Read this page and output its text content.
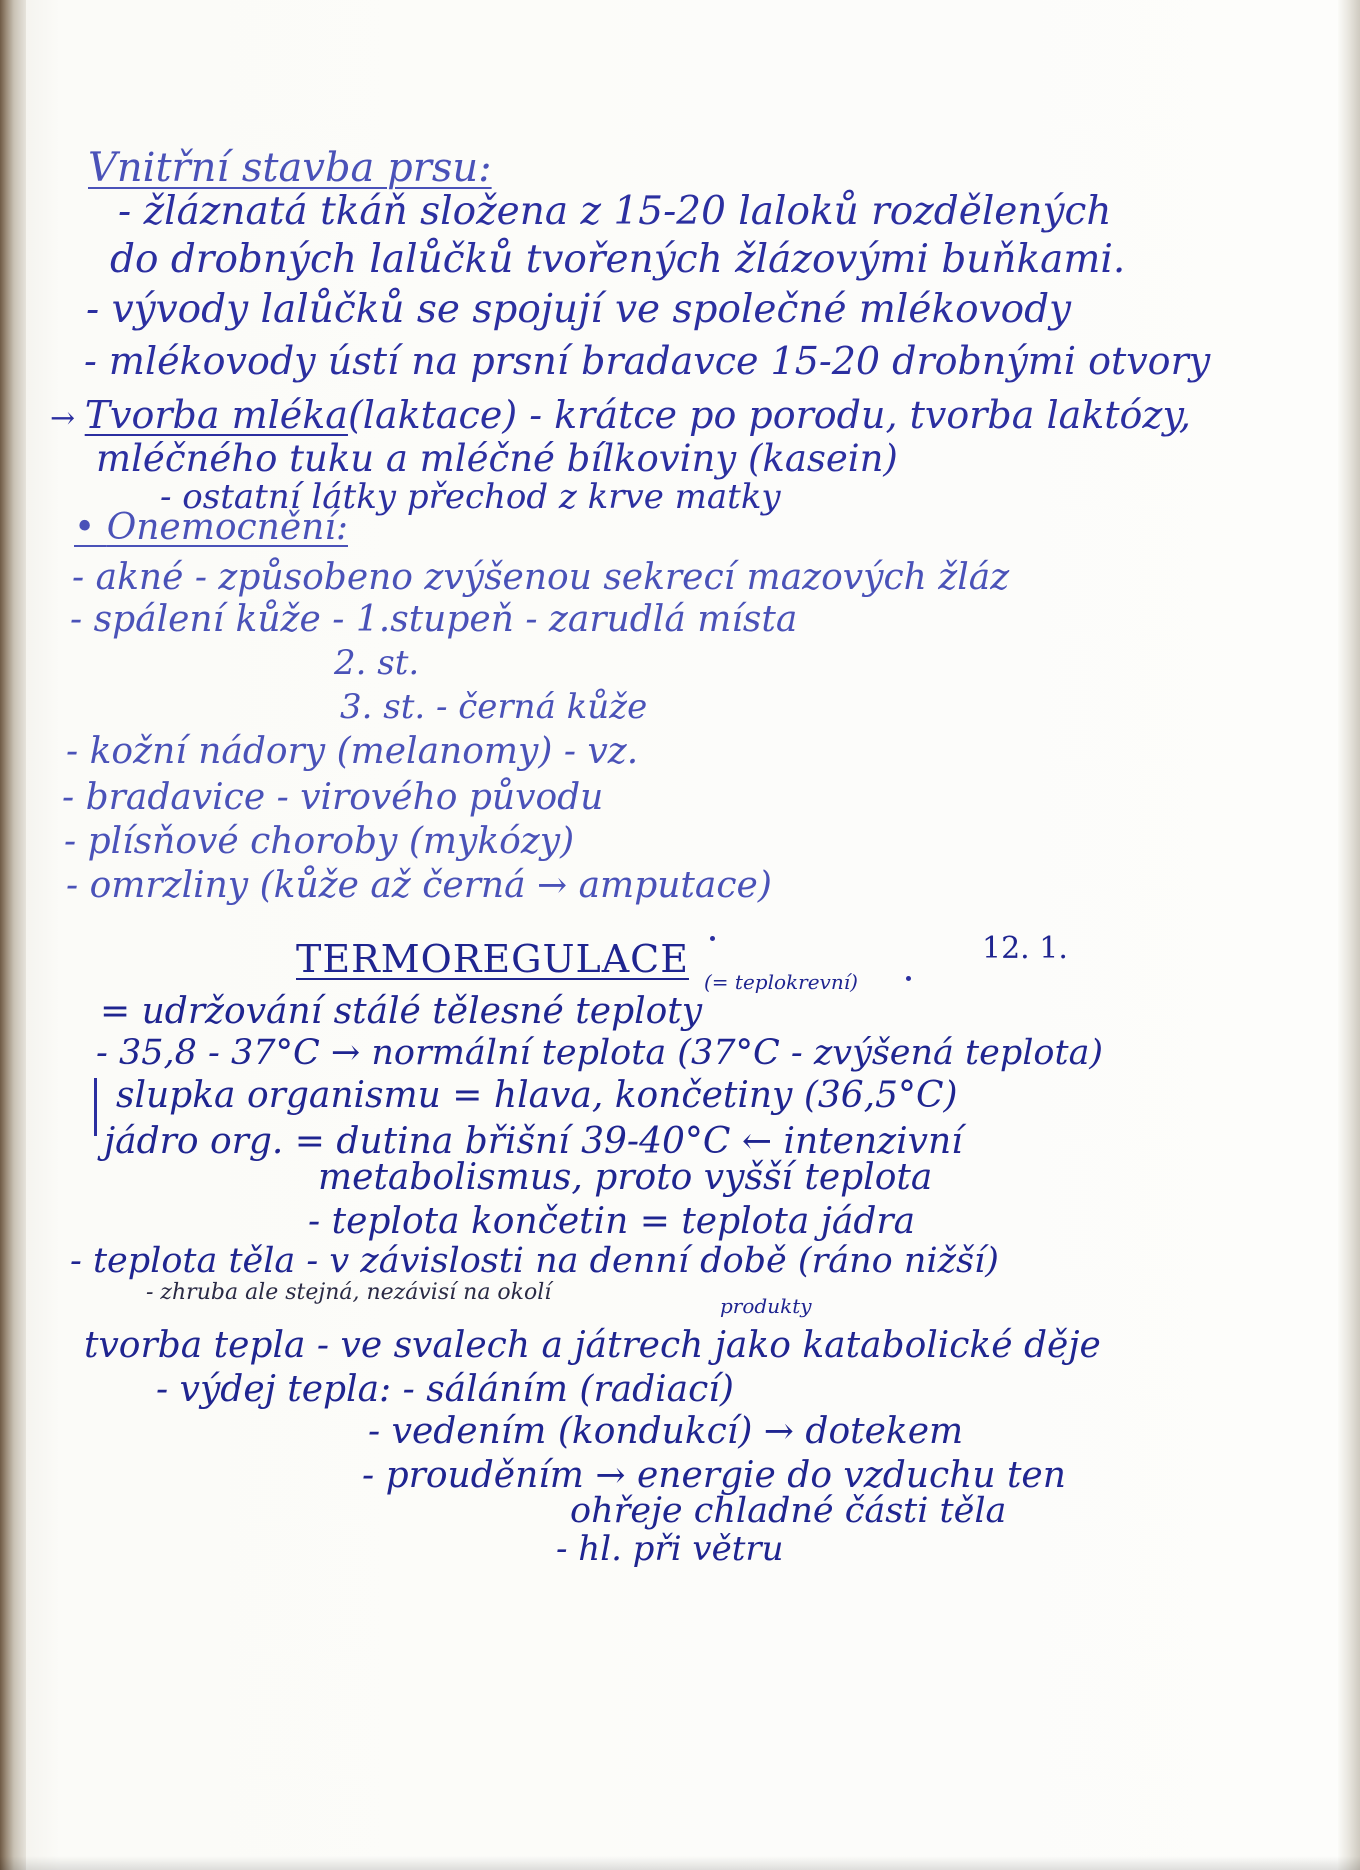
Vnitřní stavba prsu:
- žláznatá tkáň složena z 15-20 laloků rozdělených
do drobných lalůčků tvořených žlázovými buňkami.
- vývody lalůčků se spojují ve společné mlékovody
- mlékovody ústí na prsní bradavce 15-20 drobnými otvory
→ Tvorba mléka(laktace) - krátce po porodu, tvorba laktózy,
mléčného tuku a mléčné bílkoviny (kasein)
- ostatní látky přechod z krve matky
• Onemocnění:
- akné - způsobeno zvýšenou sekrecí mazových žláz
- spálení kůže - 1.stupeň - zarudlá místa
2. st.
3. st. - černá kůže
- kožní nádory (melanomy) - vz.
- bradavice - virového původu
- plísňové choroby (mykózy)
- omrzliny (kůže až černá → amputace)
TERMOREGULACE	12. 1.
= udržování stálé tělesné teploty
(= teplokrevní)
- 35,8 - 37°C → normální teplota (37°C - zvýšená teplota)
slupka organismu = hlava, končetiny (36,5°C)
jádro org. = dutina břišní 39-40°C ← intenzivní
metabolismus, proto vyšší teplota
- teplota končetin = teplota jádra
- teplota těla - v závislosti na denní době (ráno nižší)
- zhruba ale stejná, nezávisí na okolí
produkty
tvorba tepla - ve svalech a játrech jako katabolické děje
- výdej tepla: - sáláním (radiací)
- vedením (kondukcí) → dotekem
- prouděním → energie do vzduchu ten
ohřeje chladné části těla
- hl. při větru
